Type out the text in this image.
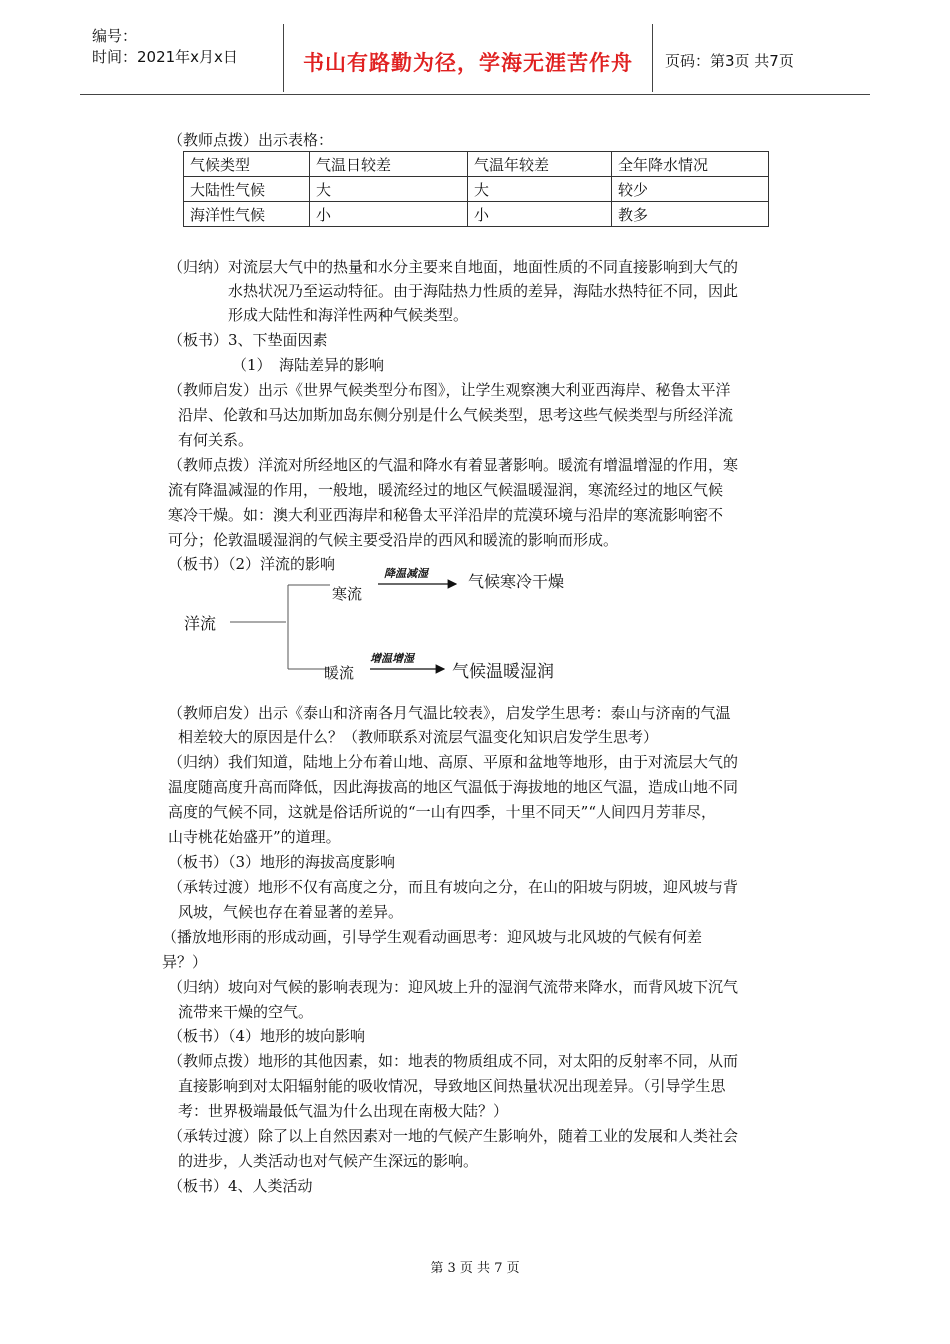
编号：
时间：2021年x月x日	书山有路勤为径，学海无涯苦作舟	页码：第3页 共7页
（教师点拨）出示表格：
气候类型	气温日较差	气温年较差	全年降水情况
大陆性气候	大	大	较少
海洋性气候	小	小	教多
（归纳）对流层大气中的热量和水分主要来自地面，地面性质的不同直接影响到大气的
水热状况乃至运动特征。由于海陆热力性质的差异，海陆水热特征不同，因此
形成大陆性和海洋性两种气候类型。
（板书）3、下垫面因素
（1）　海陆差异的影响
（教师启发）出示《世界气候类型分布图》，让学生观察澳大利亚西海岸、秘鲁太平洋
沿岸、伦敦和马达加斯加岛东侧分别是什么气候类型，思考这些气候类型与所经洋流
有何关系。
（教师点拨）洋流对所经地区的气温和降水有着显著影响。暖流有增温增湿的作用，寒
流有降温减湿的作用，一般地，暖流经过的地区气候温暖湿润，寒流经过的地区气候
寒冷干燥。如：澳大利亚西海岸和秘鲁太平洋沿岸的荒漠环境与沿岸的寒流影响密不
可分；伦敦温暖湿润的气候主要受沿岸的西风和暖流的影响而形成。
（板书）（2）洋流的影响
洋流
寒流
降温减湿	气候寒冷干燥
暖流
增温增湿
气候温暖湿润
（教师启发）出示《泰山和济南各月气温比较表》，启发学生思考：泰山与济南的气温
相差较大的原因是什么？（教师联系对流层气温变化知识启发学生思考）
（归纳）我们知道，陆地上分布着山地、高原、平原和盆地等地形，由于对流层大气的
温度随高度升高而降低，因此海拔高的地区气温低于海拔地的地区气温，造成山地不同
高度的气候不同，这就是俗话所说的“一山有四季，十里不同天”“人间四月芳菲尽，
山寺桃花始盛开”的道理。
（板书）（3）地形的海拔高度影响
（承转过渡）地形不仅有高度之分，而且有坡向之分，在山的阳坡与阴坡，迎风坡与背
风坡，气候也存在着显著的差异。
（播放地形雨的形成动画，引导学生观看动画思考：迎风坡与北风坡的气候有何差
异？）
（归纳）坡向对气候的影响表现为：迎风坡上升的湿润气流带来降水，而背风坡下沉气
流带来干燥的空气。
（板书）（4）地形的坡向影响
（教师点拨）地形的其他因素，如：地表的物质组成不同，对太阳的反射率不同，从而
直接影响到对太阳辐射能的吸收情况，导致地区间热量状况出现差异。（引导学生思
考：世界极端最低气温为什么出现在南极大陆？）
（承转过渡）除了以上自然因素对一地的气候产生影响外，随着工业的发展和人类社会
的进步，人类活动也对气候产生深远的影响。
（板书）4、人类活动
第 3 页 共 7 页
